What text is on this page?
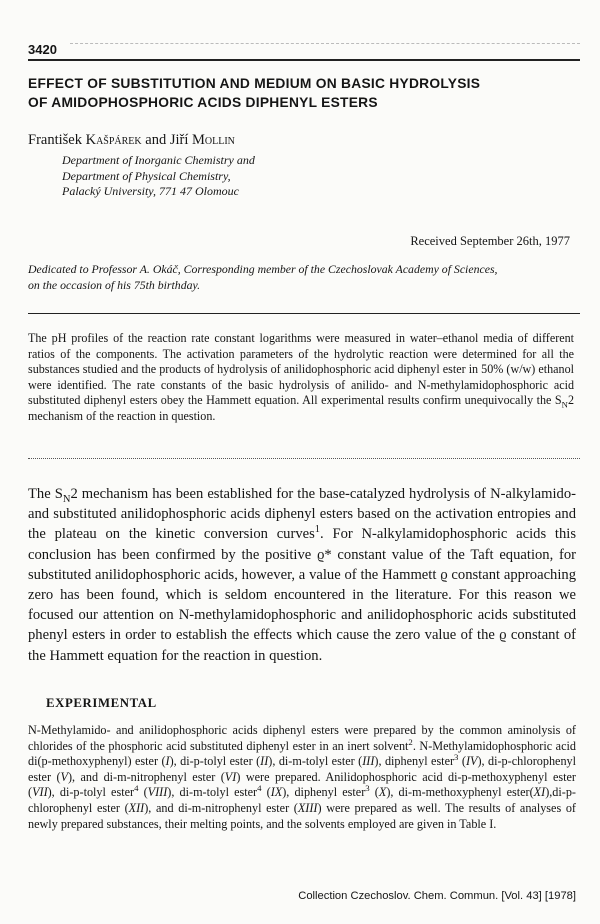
3420
EFFECT OF SUBSTITUTION AND MEDIUM ON BASIC HYDROLYSIS
OF AMIDOPHOSPHORIC ACIDS DIPHENYL ESTERS
František Kašpárek and Jiří Mollin
Department of Inorganic Chemistry and
Department of Physical Chemistry,
Palacký University, 771 47 Olomouc
Received September 26th, 1977
Dedicated to Professor A. Okáč, Corresponding member of the Czechoslovak Academy of Sciences,
on the occasion of his 75th birthday.
The pH profiles of the reaction rate constant logarithms were measured in water–ethanol media of different ratios of the components. The activation parameters of the hydrolytic reaction were determined for all the substances studied and the products of hydrolysis of anilidophosphoric acid diphenyl ester in 50% (w/w) ethanol were identified. The rate constants of the basic hydrolysis of anilido- and N-methylamidophosphoric acid substituted diphenyl esters obey the Hammett equation. All experimental results confirm unequivocally the $S_N2$ mechanism of the reaction in question.
The $S_N2$ mechanism has been established for the base-catalyzed hydrolysis of N-alkylamido- and substituted anilidophosphoric acids diphenyl esters based on the activation entropies and the plateau on the kinetic conversion curves$^1$. For N-alkylamidophosphoric acids this conclusion has been confirmed by the positive ϱ* constant value of the Taft equation, for substituted anilidophosphoric acids, however, a value of the Hammett ϱ constant approaching zero has been found, which is seldom encountered in the literature. For this reason we focused our attention on N-methylamidophosphoric and anilidophosphoric acids substituted phenyl esters in order to establish the effects which cause the zero value of the ϱ constant of the Hammett equation for the reaction in question.
EXPERIMENTAL
N-Methylamido- and anilidophosphoric acids diphenyl esters were prepared by the common aminolysis of chlorides of the phosphoric acid substituted diphenyl ester in an inert solvent$^2$. N-Methylamidophosphoric acid di(p-methoxyphenyl) ester (I), di-p-tolyl ester (II), di-m-tolyl ester (III), diphenyl ester$^3$ (IV), di-p-chlorophenyl ester (V), and di-m-nitrophenyl ester (VI) were prepared. Anilidophosphoric acid di-p-methoxyphenyl ester (VII), di-p-tolyl ester$^4$ (VIII), di-m-tolyl ester$^4$ (IX), diphenyl ester$^3$ (X), di-m-methoxyphenyl ester(XI),di-p-chlorophenyl ester (XII), and di-m-nitrophenyl ester (XIII) were prepared as well. The results of analyses of newly prepared substances, their melting points, and the solvents employed are given in Table I.
Collection Czechoslov. Chem. Commun. [Vol. 43] [1978]
